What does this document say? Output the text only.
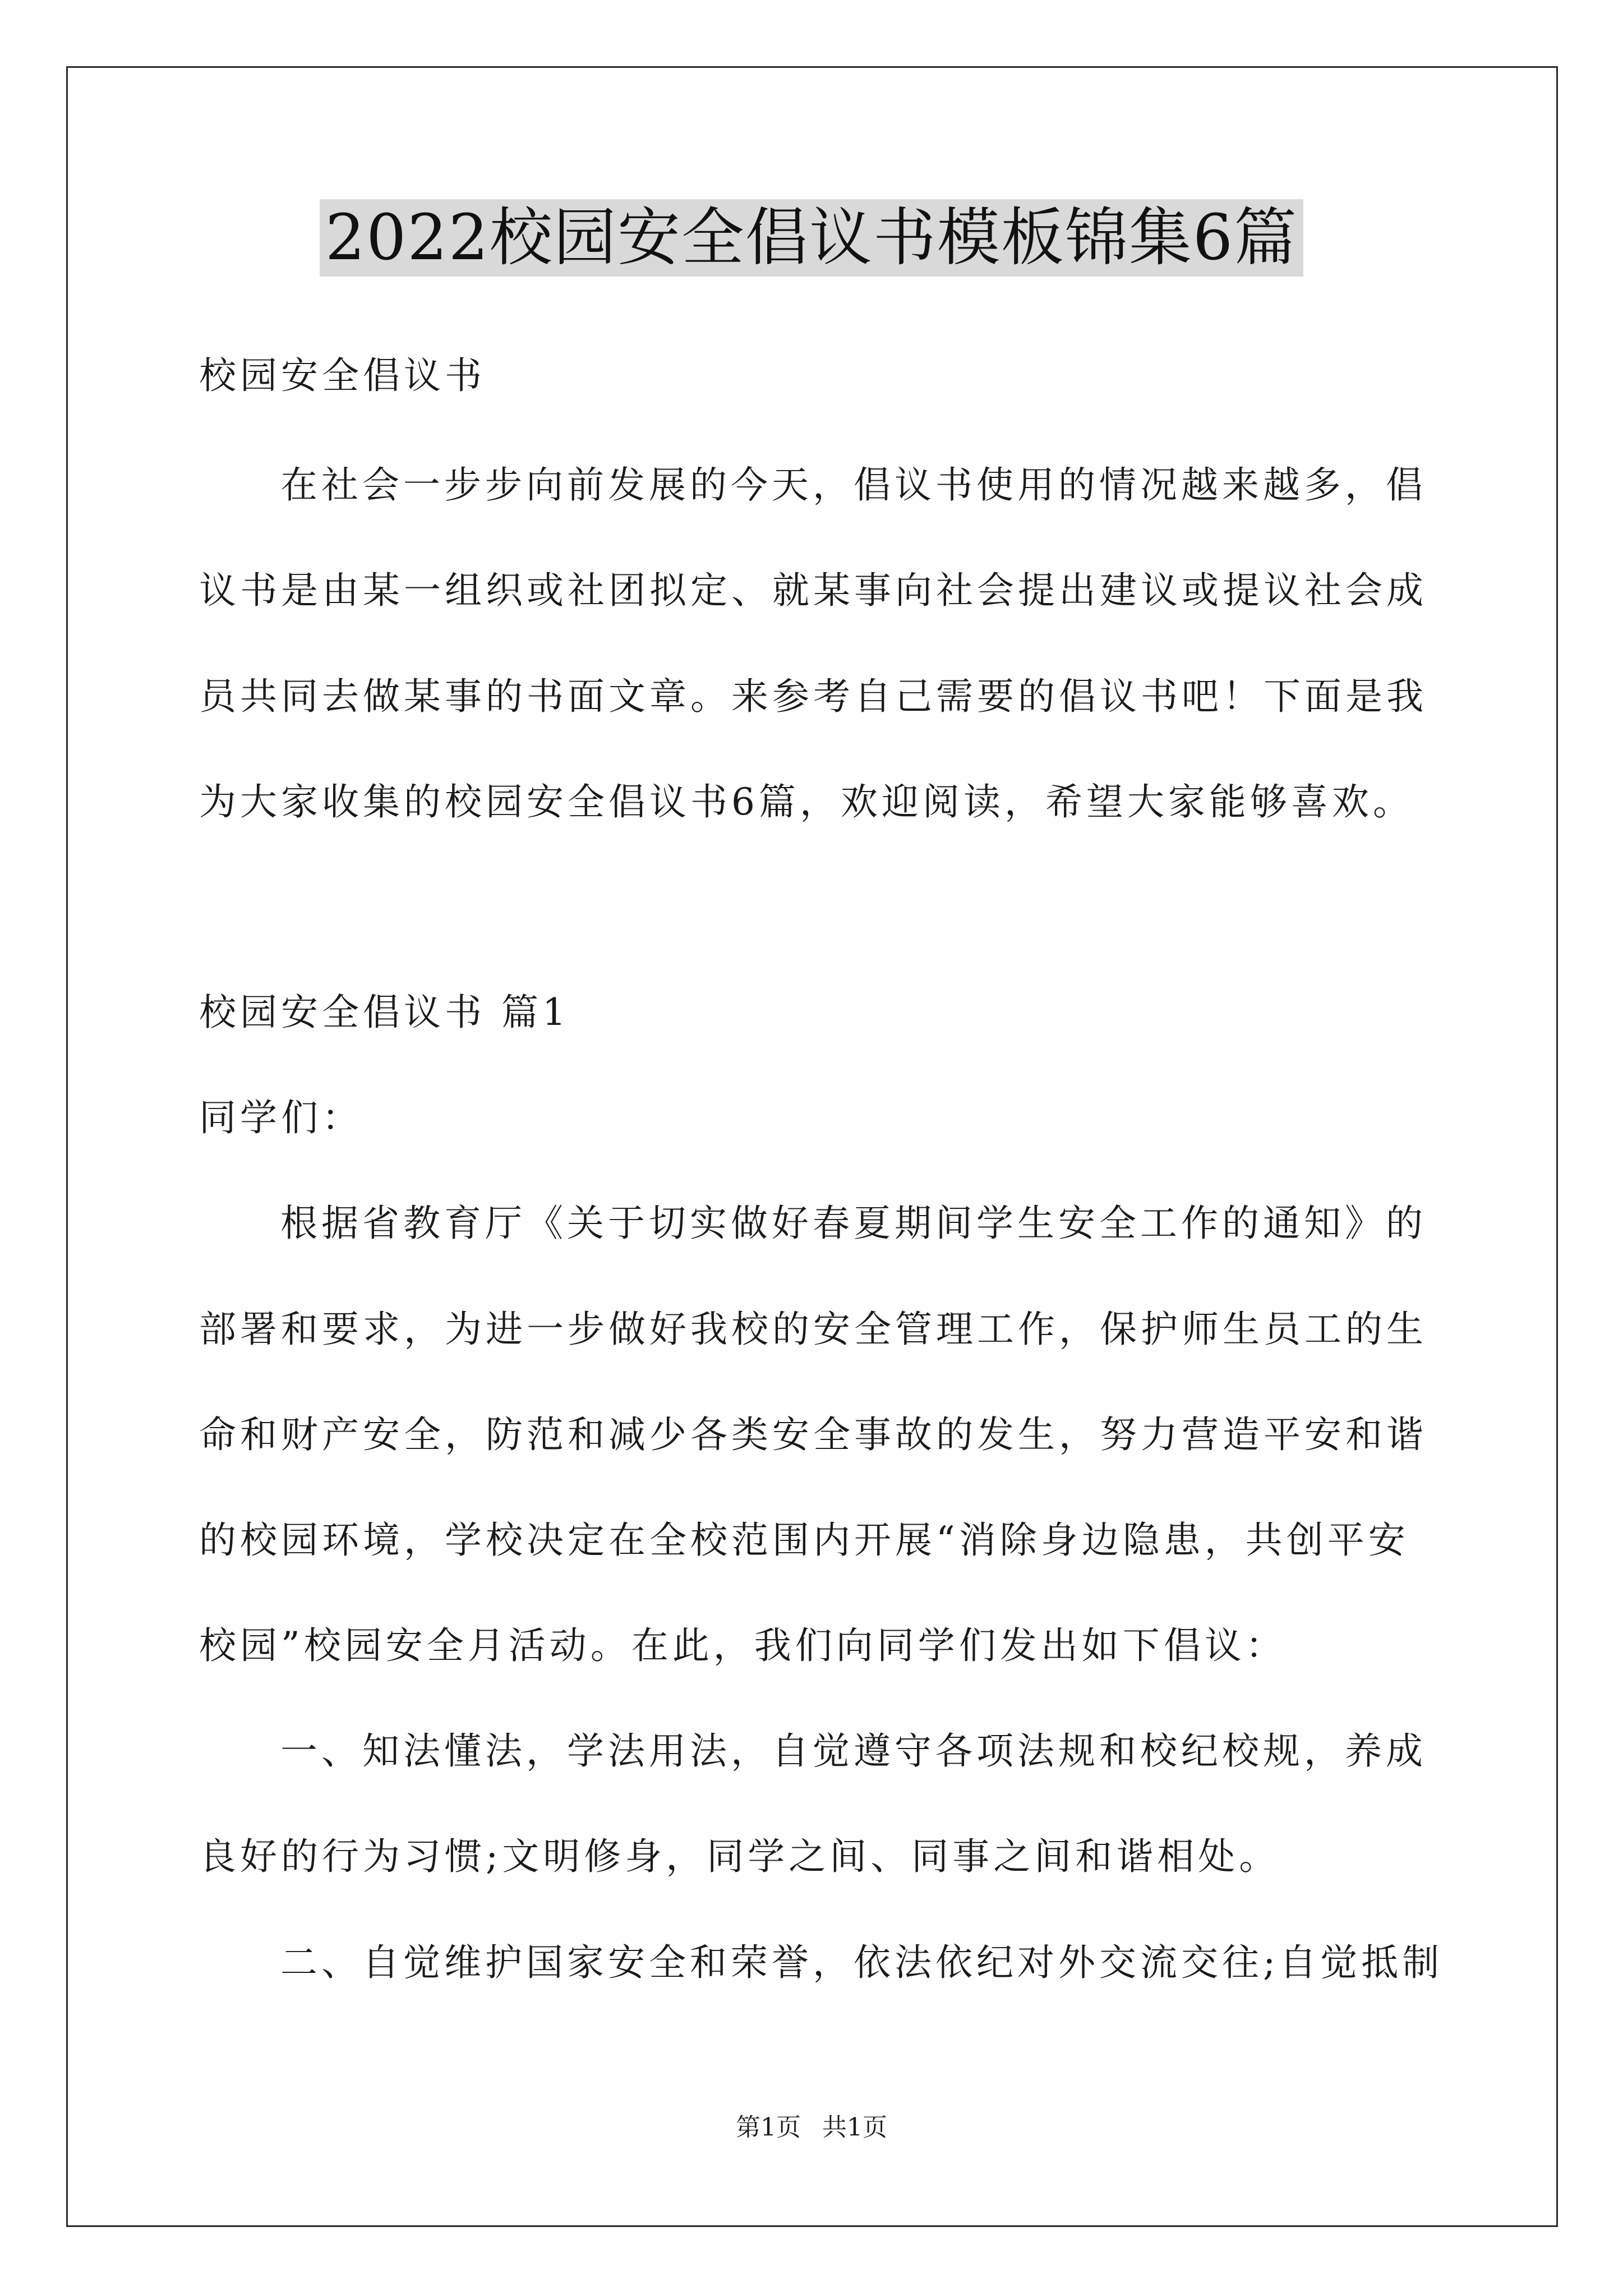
2022校园安全倡议书模板锦集6篇
校园安全倡议书
在社会一步步向前发展的今天，倡议书使用的情况越来越多，倡
议书是由某一组织或社团拟定、就某事向社会提出建议或提议社会成
员共同去做某事的书面文章。来参考自己需要的倡议书吧！下面是我
为大家收集的校园安全倡议书6篇，欢迎阅读，希望大家能够喜欢。
校园安全倡议书 篇1
同学们：
根据省教育厅《关于切实做好春夏期间学生安全工作的通知》的
部署和要求，为进一步做好我校的安全管理工作，保护师生员工的生
命和财产安全，防范和减少各类安全事故的发生，努力营造平安和谐
的校园环境，学校决定在全校范围内开展“消除身边隐患，共创平安
校园”校园安全月活动。在此，我们向同学们发出如下倡议：
一、知法懂法，学法用法，自觉遵守各项法规和校纪校规，养成
良好的行为习惯;文明修身，同学之间、同事之间和谐相处。
二、自觉维护国家安全和荣誉，依法依纪对外交流交往;自觉抵制
第1页 共1页
